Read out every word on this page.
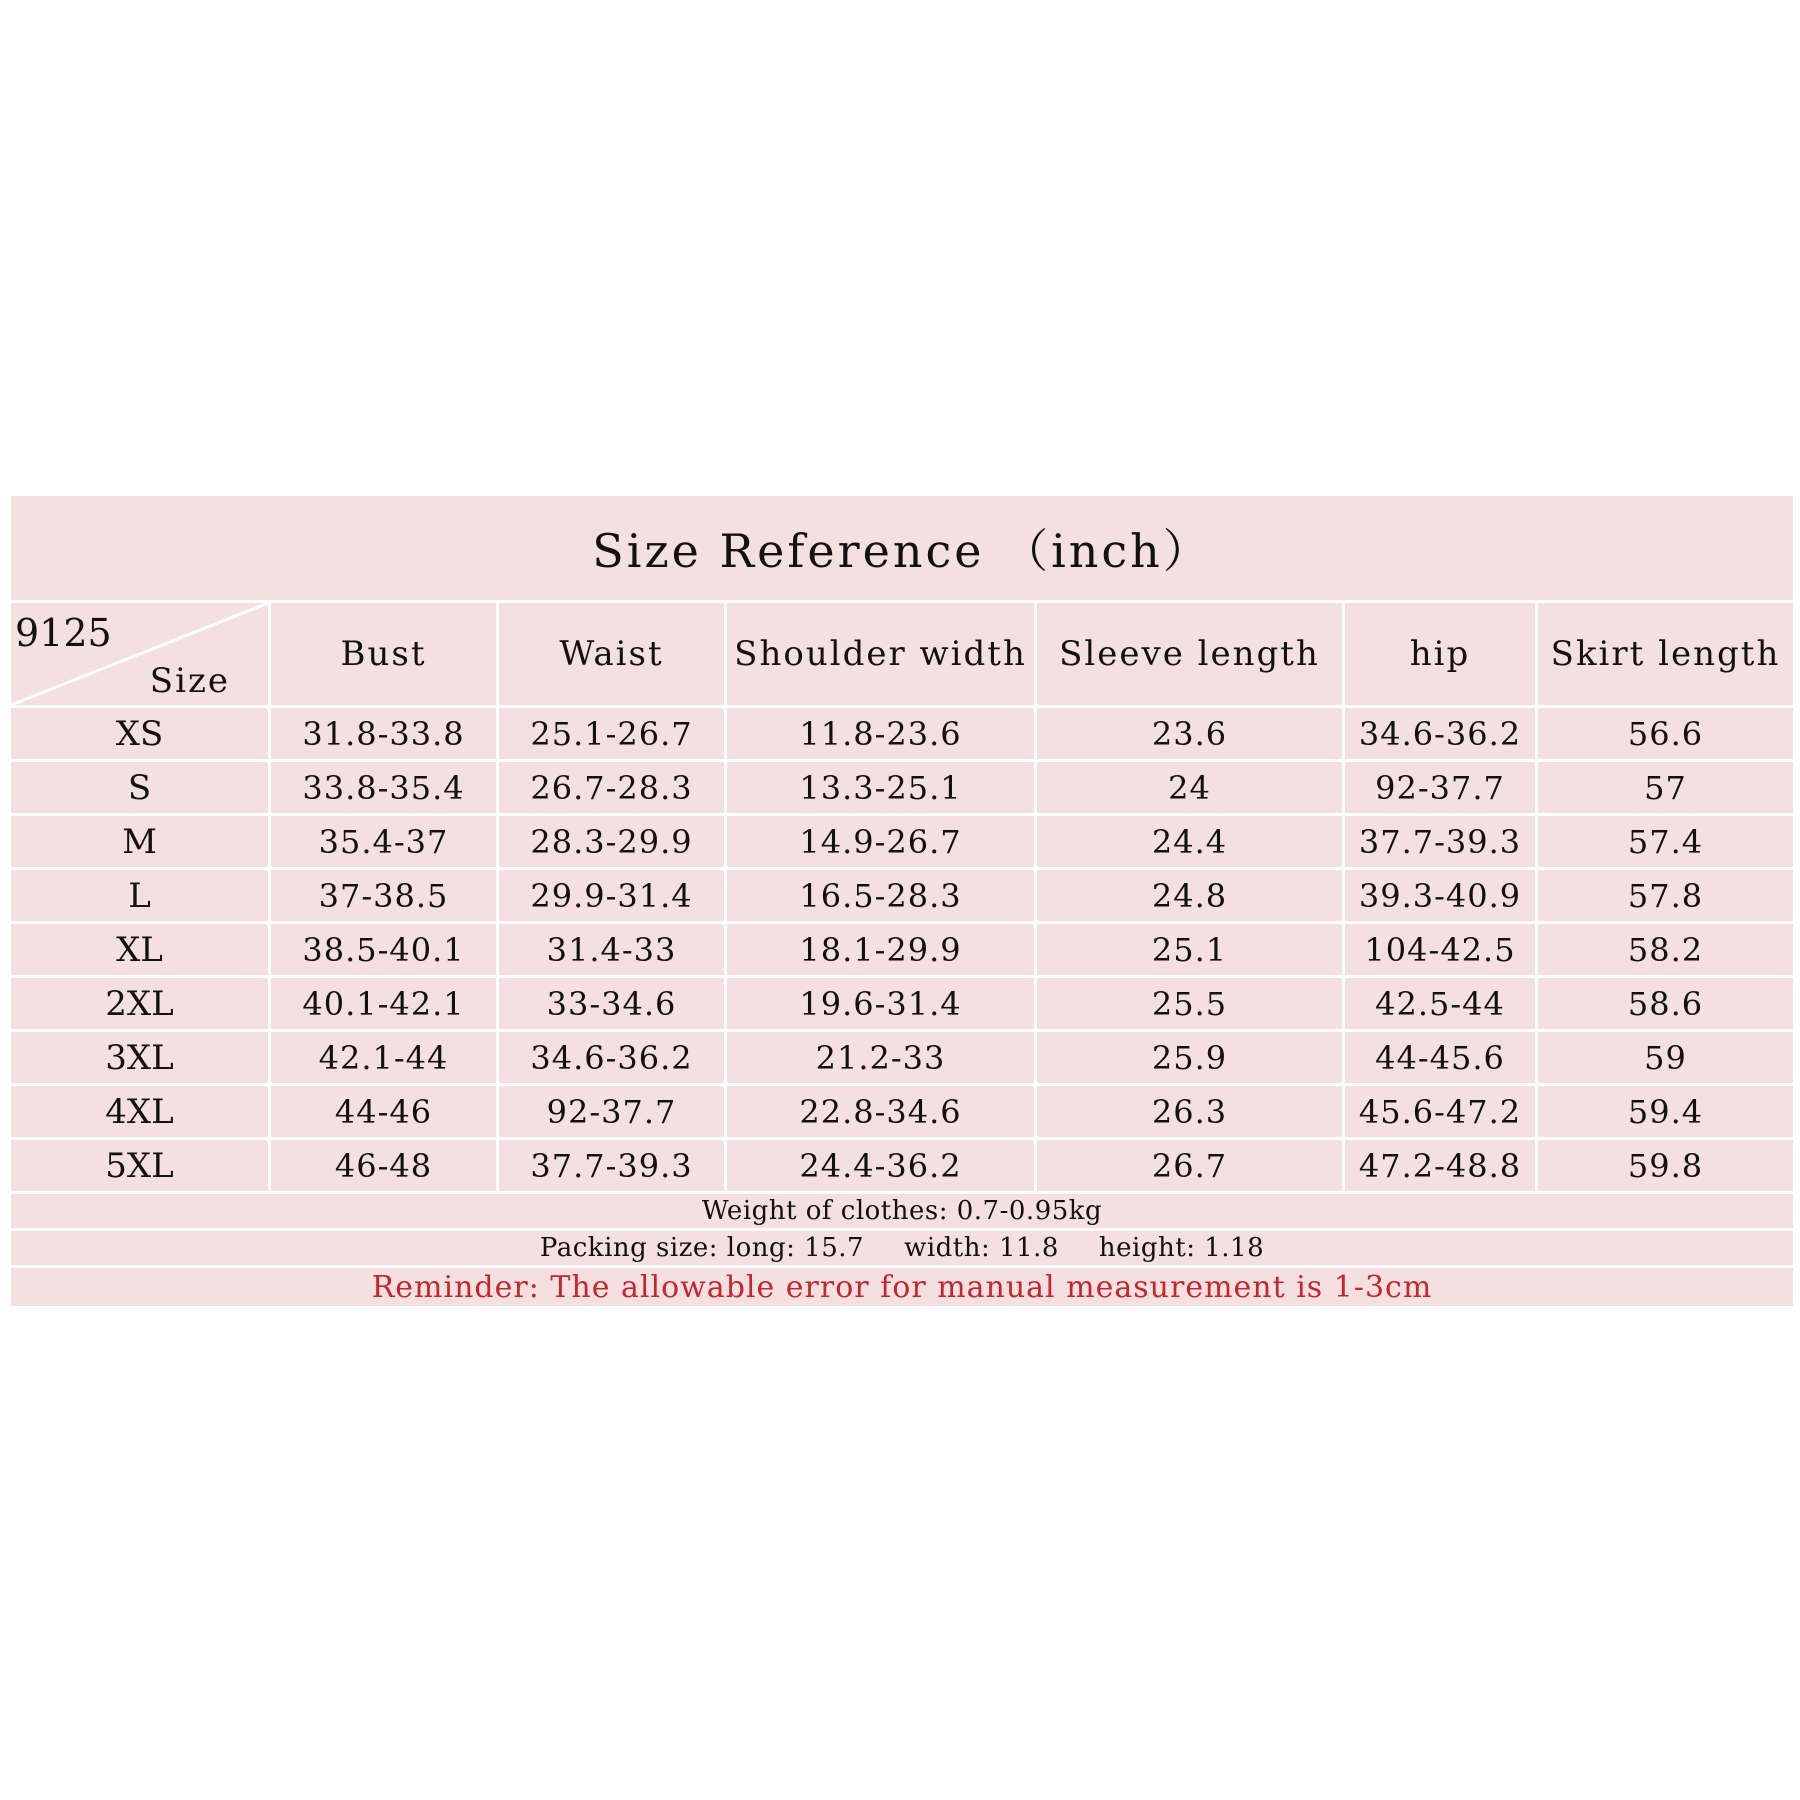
Size Reference （inch）						

9125
Size	Bust	Waist	Shoulder width	Sleeve length	hip	Skirt length
XS	31.8-33.8	25.1-26.7	11.8-23.6	23.6	34.6-36.2	56.6
S	33.8-35.4	26.7-28.3	13.3-25.1	24	92-37.7	57
M	35.4-37	28.3-29.9	14.9-26.7	24.4	37.7-39.3	57.4
L	37-38.5	29.9-31.4	16.5-28.3	24.8	39.3-40.9	57.8
XL	38.5-40.1	31.4-33	18.1-29.9	25.1	104-42.5	58.2
2XL	40.1-42.1	33-34.6	19.6-31.4	25.5	42.5-44	58.6
3XL	42.1-44	34.6-36.2	21.2-33	25.9	44-45.6	59
4XL	44-46	92-37.7	22.8-34.6	26.3	45.6-47.2	59.4
5XL	46-48	37.7-39.3	24.4-36.2	26.7	47.2-48.8	59.8
Weight of clothes: 0.7-0.95kg						
Packing size: long: 15.7 width: 11.8 height: 1.18						
Reminder: The allowable error for manual measurement is 1-3cm						
